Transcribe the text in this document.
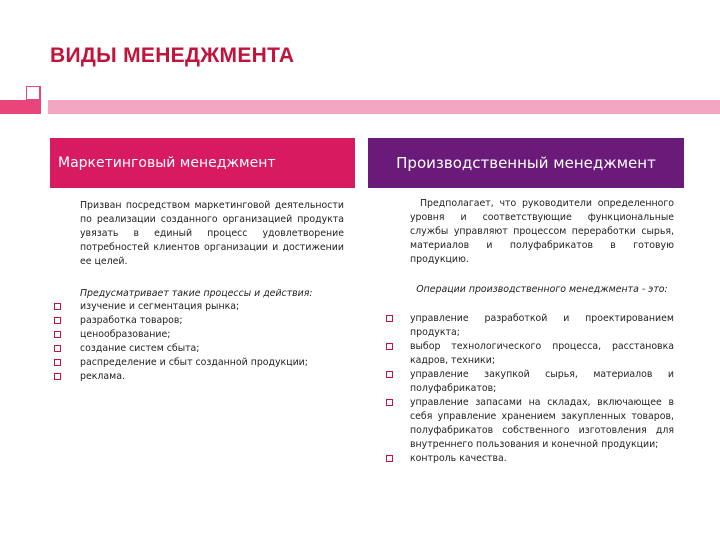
ВИДЫ МЕНЕДЖМЕНТА
Маркетинговый менеджмент	Производственный менеджмент
Призван посредством маркетинговой деятельности по реализации созданного организацией продукта увязать в единый процесс удовлетворение потребностей клиентов организации и достижении ее целей.
Предполагает, что руководители определенного уровня и соответствующие функциональные службы управляют процессом переработки сырья, материалов и полуфабрикатов в готовую продукцию.
Предусматривает такие процессы и действия:	Операции производственного менеджмента - это:
изучение и сегментация рынка;
разработка товаров;
ценообразование;
создание систем сбыта;
распределение и сбыт созданной продукции;
реклама.
управление разработкой и проектированием продукта;
выбор технологического процесса, расстановка кадров, техники;
управление закупкой сырья, материалов и полуфабрикатов;
управление запасами на складах, включающее в себя управление хранением закупленных товаров, полуфабрикатов собственного изготовления для внутреннего пользования и конечной продукции;
контроль качества.
